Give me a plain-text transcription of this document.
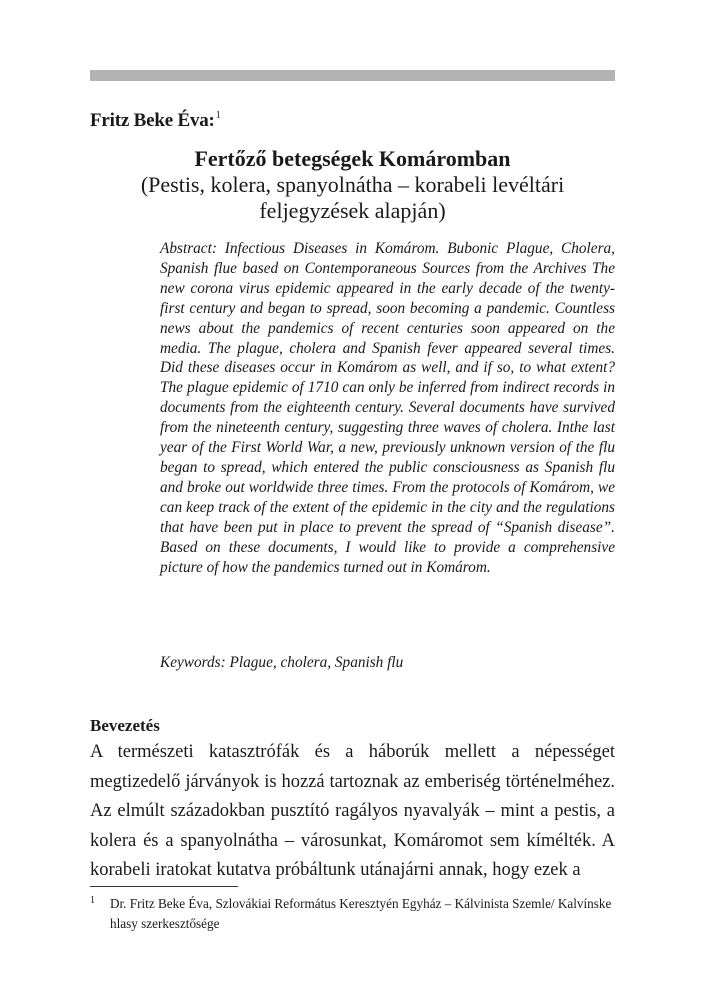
Fritz Beke Éva:$^1$
Fertőző betegségek Komáromban
(Pestis, kolera, spanyolnátha – korabeli levéltári feljegyzések alapján)

Abstract: Infectious Diseases in Komárom. Bubonic Plague, Cholera, Spanish flue based on Contemporaneous Sources from the Archives The new corona virus epidemic appeared in the early decade of the twenty-first century and began to spread, soon becoming a pandemic. Countless news about the pandemics of recent centuries soon appeared on the media. The plague, cholera and Spanish fever appeared several times. Did these diseases occur in Komárom as well, and if so, to what extent? The plague epidemic of 1710 can only be inferred from indirect records in documents from the eighteenth century. Several documents have survived from the nineteenth century, suggesting three waves of cholera. Inthe last year of the First World War, a new, previously unknown version of the flu began to spread, which entered the public consciousness as Spanish flu and broke out worldwide three times. From the protocols of Komárom, we can keep track of the extent of the epidemic in the city and the regulations that have been put in place to prevent the spread of “Spanish disease”. Based on these documents, I would like to provide a comprehensive picture of how the pandemics turned out in Komárom.

Keywords: Plague, cholera, Spanish flu
Bevezetés

A természeti katasztrófák és a háborúk mellett a népességet megtizedelő járványok is hozzá tartoznak az emberiség történelméhez. Az elmúlt századokban pusztító ragályos nyavalyák – mint a pestis, a kolera és a spanyolnátha – városunkat, Komáromot sem kímélték. A korabeli iratokat kutatva próbáltunk utánajárni annak, hogy ezek a

1 Dr. Fritz Beke Éva, Szlovákiai Református Keresztyén Egyház – Kálvinista Szemle/ Kalvínske hlasy szerkesztősége
